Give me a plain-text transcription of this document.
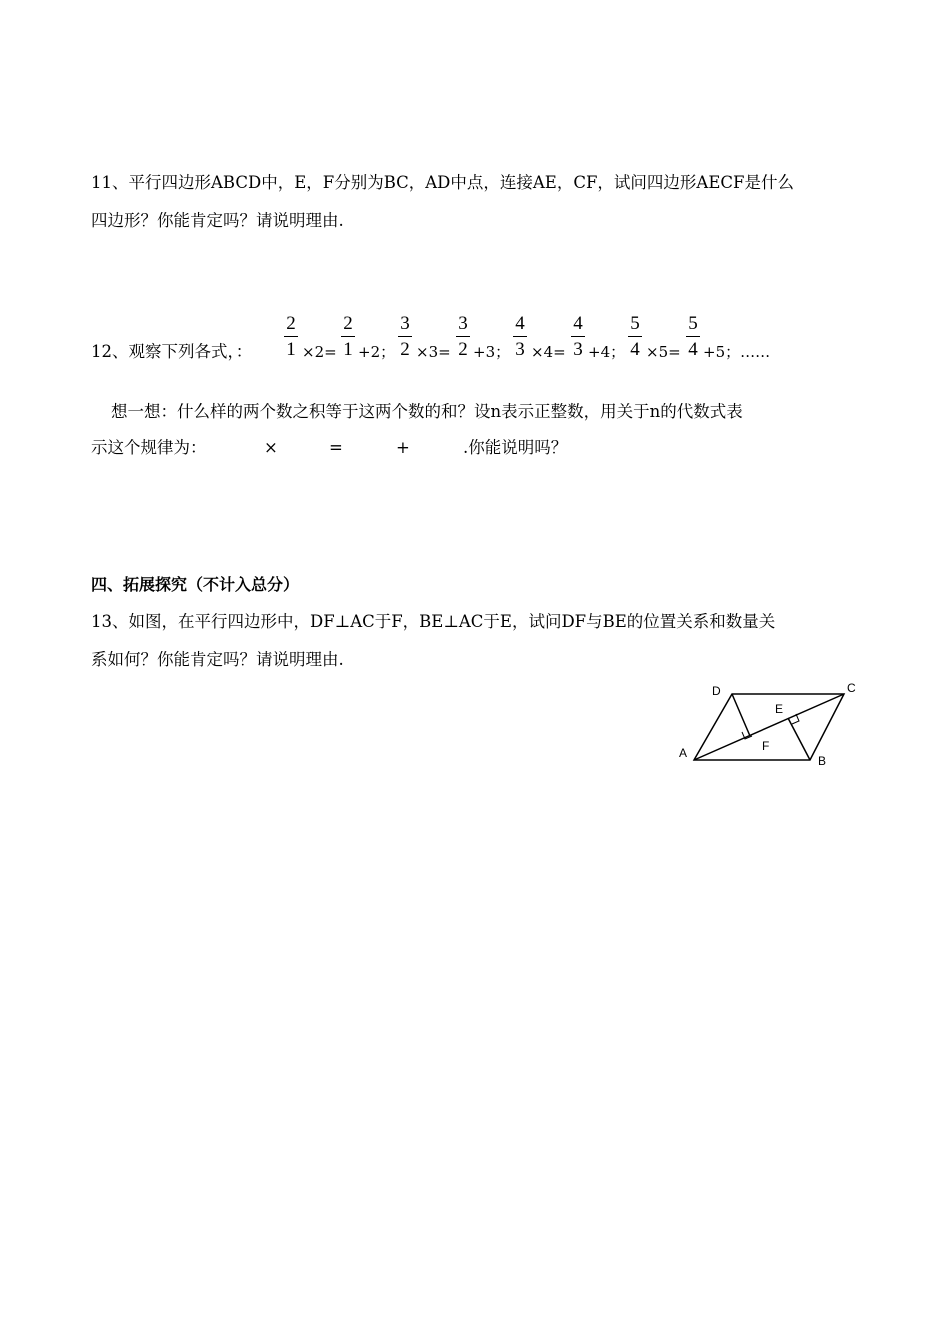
11、平行四边形ABCD中，E，F分别为BC，AD中点，连接AE，CF，试问四边形AECF是什么
四边形？你能肯定吗？请说明理由.
12、观察下列各式，： $\frac{2}{1} \times 2= \frac{2}{1} +2$； $\frac{3}{2} \times 3= \frac{3}{2} +3$； $\frac{4}{3} \times 4= \frac{4}{3} +4$； $\frac{5}{4} \times 5= \frac{5}{4} +5$；……
想一想：什么样的两个数之积等于这两个数的和？设n表示正整数，用关于n的代数式表
示这个规律为：	×	=	+	.你能说明吗？
四、拓展探究（不计入总分）
13、如图，在平行四边形中，DF⊥AC于F，BE⊥AC于E，试问DF与BE的位置关系和数量关
系如何？你能肯定吗？请说明理由.
A
B
C
D
E
F
